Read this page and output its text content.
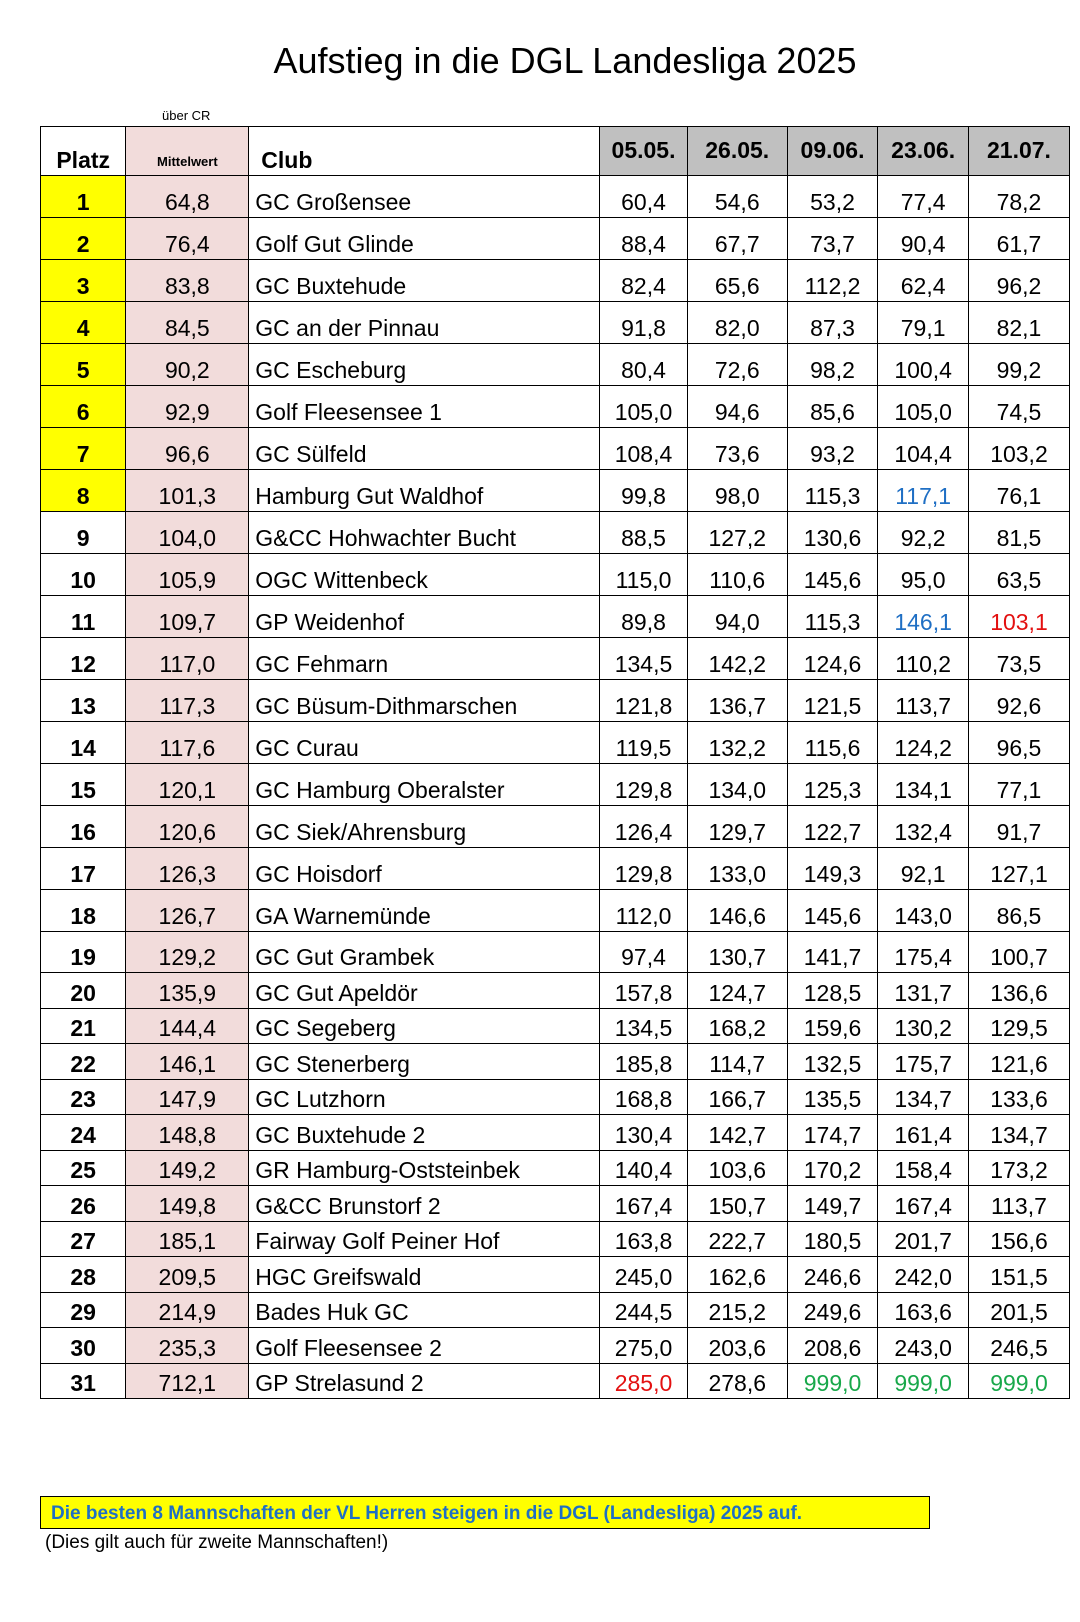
Aufstieg in die DGL Landesliga 2025
über CR
Platz	Mittelwert	Club	05.05.	26.05.	09.06.	23.06.	21.07.
1	64,8	GC Großensee	60,4	54,6	53,2	77,4	78,2
2	76,4	Golf Gut Glinde	88,4	67,7	73,7	90,4	61,7
3	83,8	GC Buxtehude	82,4	65,6	112,2	62,4	96,2
4	84,5	GC an der Pinnau	91,8	82,0	87,3	79,1	82,1
5	90,2	GC Escheburg	80,4	72,6	98,2	100,4	99,2
6	92,9	Golf Fleesensee 1	105,0	94,6	85,6	105,0	74,5
7	96,6	GC Sülfeld	108,4	73,6	93,2	104,4	103,2
8	101,3	Hamburg Gut Waldhof	99,8	98,0	115,3	117,1	76,1
9	104,0	G&CC Hohwachter Bucht	88,5	127,2	130,6	92,2	81,5
10	105,9	OGC Wittenbeck	115,0	110,6	145,6	95,0	63,5
11	109,7	GP Weidenhof	89,8	94,0	115,3	146,1	103,1
12	117,0	GC Fehmarn	134,5	142,2	124,6	110,2	73,5
13	117,3	GC Büsum-Dithmarschen	121,8	136,7	121,5	113,7	92,6
14	117,6	GC Curau	119,5	132,2	115,6	124,2	96,5
15	120,1	GC Hamburg Oberalster	129,8	134,0	125,3	134,1	77,1
16	120,6	GC Siek/Ahrensburg	126,4	129,7	122,7	132,4	91,7
17	126,3	GC Hoisdorf	129,8	133,0	149,3	92,1	127,1
18	126,7	GA Warnemünde	112,0	146,6	145,6	143,0	86,5
19	129,2	GC Gut Grambek	97,4	130,7	141,7	175,4	100,7
20	135,9	GC Gut Apeldör	157,8	124,7	128,5	131,7	136,6
21	144,4	GC Segeberg	134,5	168,2	159,6	130,2	129,5
22	146,1	GC Stenerberg	185,8	114,7	132,5	175,7	121,6
23	147,9	GC Lutzhorn	168,8	166,7	135,5	134,7	133,6
24	148,8	GC Buxtehude 2	130,4	142,7	174,7	161,4	134,7
25	149,2	GR Hamburg-Oststeinbek	140,4	103,6	170,2	158,4	173,2
26	149,8	G&CC Brunstorf 2	167,4	150,7	149,7	167,4	113,7
27	185,1	Fairway Golf Peiner Hof	163,8	222,7	180,5	201,7	156,6
28	209,5	HGC Greifswald	245,0	162,6	246,6	242,0	151,5
29	214,9	Bades Huk GC	244,5	215,2	249,6	163,6	201,5
30	235,3	Golf Fleesensee 2	275,0	203,6	208,6	243,0	246,5
31	712,1	GP Strelasund 2	285,0	278,6	999,0	999,0	999,0
Die besten 8 Mannschaften der VL Herren steigen in die DGL (Landesliga) 2025 auf.
(Dies gilt auch für zweite Mannschaften!)
